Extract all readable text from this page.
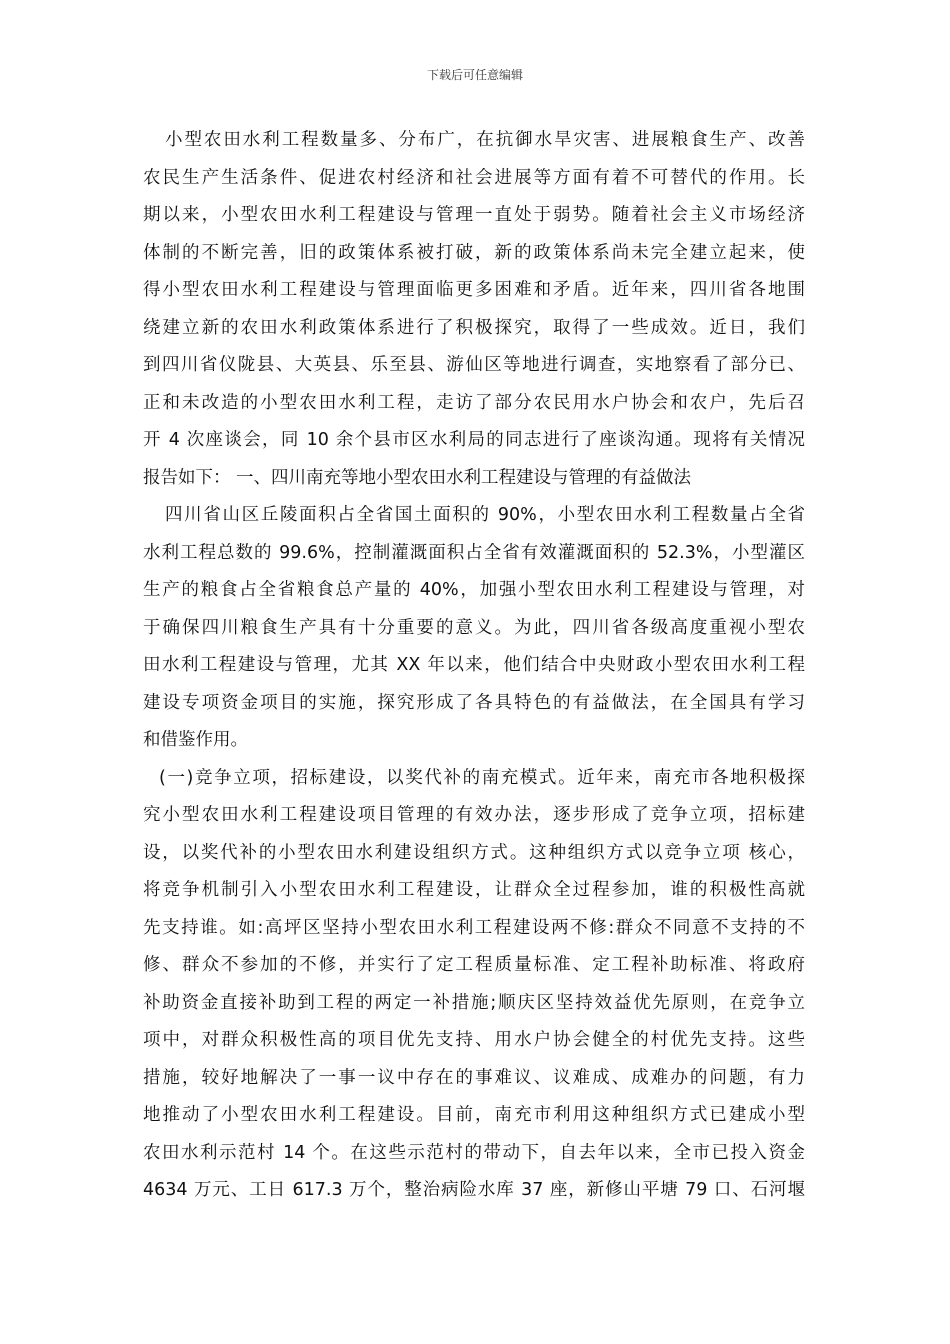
下载后可任意编辑
小型农田水利工程数量多、分布广，在抗御水旱灾害、进展粮食生产、改善
农民生产生活条件、促进农村经济和社会进展等方面有着不可替代的作用。长
期以来，小型农田水利工程建设与管理一直处于弱势。随着社会主义市场经济
体制的不断完善，旧的政策体系被打破，新的政策体系尚未完全建立起来，使
得小型农田水利工程建设与管理面临更多困难和矛盾。近年来，四川省各地围
绕建立新的农田水利政策体系进行了积极探究，取得了一些成效。近日，我们
到四川省仪陇县、大英县、乐至县、游仙区等地进行调查，实地察看了部分已、
正和未改造的小型农田水利工程，走访了部分农民用水户协会和农户，先后召
开 4 次座谈会，同 10 余个县市区水利局的同志进行了座谈沟通。现将有关情况
报告如下： 一、四川南充等地小型农田水利工程建设与管理的有益做法
四川省山区丘陵面积占全省国土面积的 90%，小型农田水利工程数量占全省
水利工程总数的 99.6%，控制灌溉面积占全省有效灌溉面积的 52.3%，小型灌区
生产的粮食占全省粮食总产量的 40%，加强小型农田水利工程建设与管理，对
于确保四川粮食生产具有十分重要的意义。为此，四川省各级高度重视小型农
田水利工程建设与管理，尤其 XX 年以来，他们结合中央财政小型农田水利工程
建设专项资金项目的实施，探究形成了各具特色的有益做法，在全国具有学习
和借鉴作用。
(一)竞争立项，招标建设，以奖代补的南充模式。近年来，南充市各地积极探
究小型农田水利工程建设项目管理的有效办法，逐步形成了竞争立项，招标建
设，以奖代补的小型农田水利建设组织方式。这种组织方式以竞争立项 核心，
将竞争机制引入小型农田水利工程建设，让群众全过程参加，谁的积极性高就
先支持谁。如:高坪区坚持小型农田水利工程建设两不修:群众不同意不支持的不
修、群众不参加的不修，并实行了定工程质量标准、定工程补助标准、将政府
补助资金直接补助到工程的两定一补措施;顺庆区坚持效益优先原则，在竞争立
项中，对群众积极性高的项目优先支持、用水户协会健全的村优先支持。这些
措施，较好地解决了一事一议中存在的事难议、议难成、成难办的问题，有力
地推动了小型农田水利工程建设。目前，南充市利用这种组织方式已建成小型
农田水利示范村 14 个。在这些示范村的带动下，自去年以来，全市已投入资金
4634 万元、工日 617.3 万个，整治病险水库 37 座，新修山平塘 79 口、石河堰
